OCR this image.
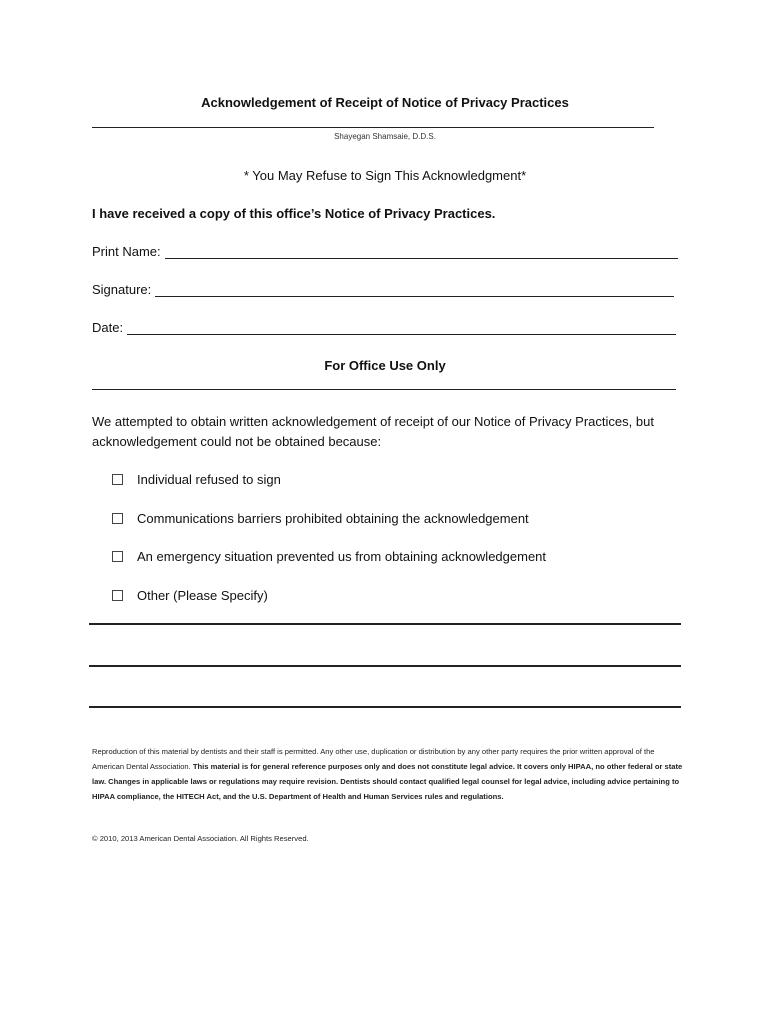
Acknowledgement of Receipt of Notice of Privacy Practices
Shayegan Shamsaie, D.D.S.
* You May Refuse to Sign This Acknowledgment*
I have received a copy of this office’s Notice of Privacy Practices.
Print Name:
Signature:
Date:
For Office Use Only
We attempted to obtain written acknowledgement of receipt of our Notice of Privacy Practices, but acknowledgement could not be obtained because:
Individual refused to sign
Communications barriers prohibited obtaining the acknowledgement
An emergency situation prevented us from obtaining acknowledgement
Other (Please Specify)
Reproduction of this material by dentists and their staff is permitted. Any other use, duplication or distribution by any other party requires the prior written approval of the American Dental Association. This material is for general reference purposes only and does not constitute legal advice. It covers only HIPAA, no other federal or state law. Changes in applicable laws or regulations may require revision. Dentists should contact qualified legal counsel for legal advice, including advice pertaining to HIPAA compliance, the HITECH Act, and the U.S. Department of Health and Human Services rules and regulations.
© 2010, 2013 American Dental Association. All Rights Reserved.
